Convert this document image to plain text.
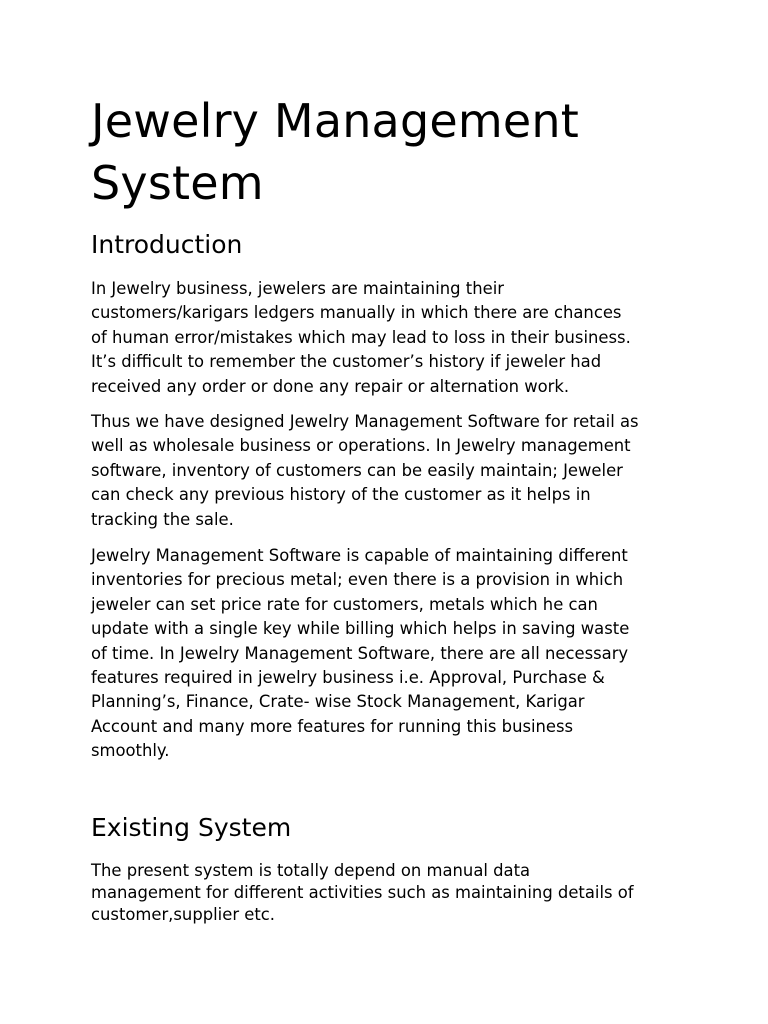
Jewelry Management
System
Introduction

In Jewelry business, jewelers are maintaining their
customers/karigars ledgers manually in which there are chances
of human error/mistakes which may lead to loss in their business.
It’s difficult to remember the customer’s history if jeweler had
received any order or done any repair or alternation work.

Thus we have designed Jewelry Management Software for retail as
well as wholesale business or operations. In Jewelry management
software, inventory of customers can be easily maintain; Jeweler
can check any previous history of the customer as it helps in
tracking the sale.

Jewelry Management Software is capable of maintaining different
inventories for precious metal; even there is a provision in which
jeweler can set price rate for customers, metals which he can
update with a single key while billing which helps in saving waste
of time. In Jewelry Management Software, there are all necessary
features required in jewelry business i.e. Approval, Purchase &
Planning’s, Finance, Crate- wise Stock Management, Karigar
Account and many more features for running this business
smoothly.

Existing System

The present system is totally depend on manual data
management for different activities such as maintaining details of
customer,supplier etc.
